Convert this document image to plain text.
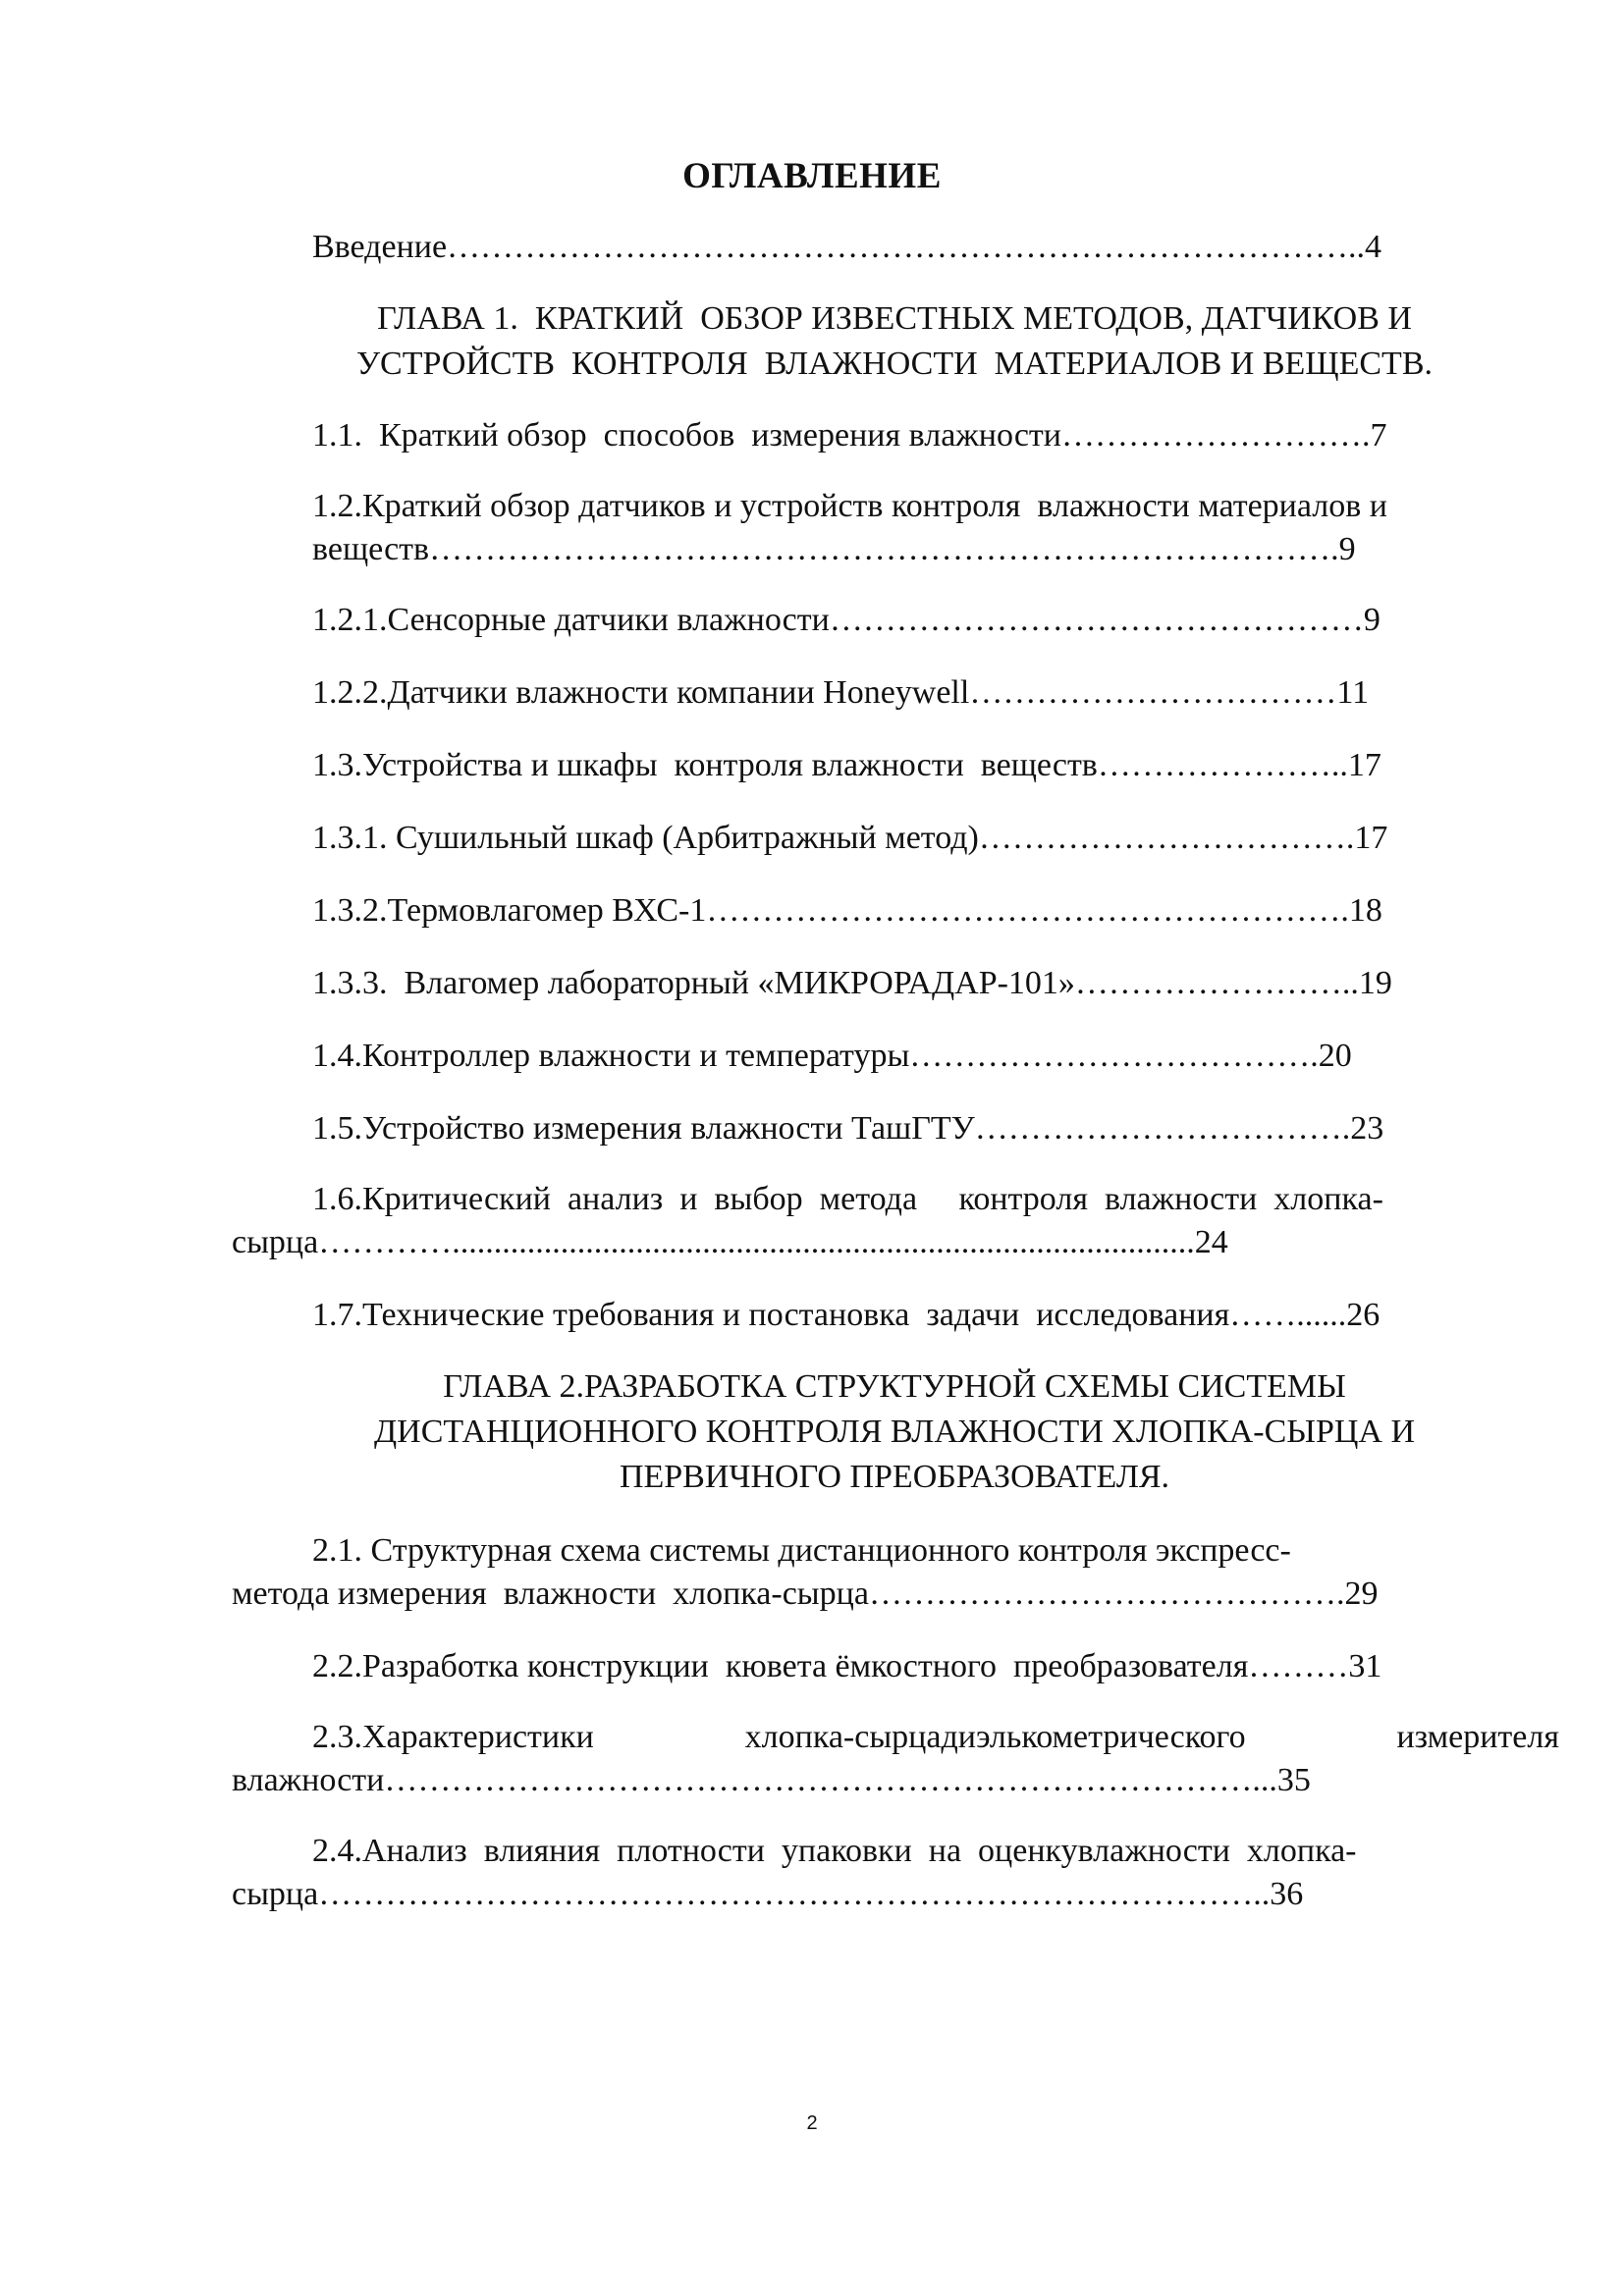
ОГЛАВЛЕНИЕ
Введение………………………………………………………………………..4
ГЛАВА 1.  КРАТКИЙ  ОБЗОР ИЗВЕСТНЫХ МЕТОДОВ, ДАТЧИКОВ И
УСТРОЙСТВ  КОНТРОЛЯ  ВЛАЖНОСТИ  МАТЕРИАЛОВ И ВЕЩЕСТВ.
1.1.  Краткий обзор  способов  измерения влажности……………………….7
1.2.Краткий обзор датчиков и устройств контроля  влажности материалов и
веществ……………………………………………………………………….9
1.2.1.Сенсорные датчики влажности…………………………………………9
1.2.2.Датчики влажности компании Honeywell……………………………11
1.3.Устройства и шкафы  контроля влажности  веществ…………………..17
1.3.1. Сушильный шкаф (Арбитражный метод)…………………………….17
1.3.2.Термовлагомер ВХС-1………………………………………………….18
1.3.3.  Влагомер лабораторный «МИКРОРАДАР-101»……………………..19
1.4.Контроллер влажности и температуры……………………………….20
1.5.Устройство измерения влажности ТашГТУ…………………………….23
1.6.Критический  анализ  и  выбор  метода     контроля  влажности  хлопка-
сырца………….........................................................................................24
1.7.Технические требования и постановка  задачи  исследования……......26
ГЛАВА 2.РАЗРАБОТКА СТРУКТУРНОЙ СХЕМЫ СИСТЕМЫ
ДИСТАНЦИОННОГО КОНТРОЛЯ ВЛАЖНОСТИ ХЛОПКА-СЫРЦА И
ПЕРВИЧНОГО ПРЕОБРАЗОВАТЕЛЯ.
2.1. Структурная схема системы дистанционного контроля экспресс-
метода измерения  влажности  хлопка-сырца…………………………………….29
2.2.Разработка конструкции  кювета ёмкостного  преобразователя………31
2.3.Характеристики	хлопка-сырцадиэлькометрического	измерителя
влажности……………………………………………………………………...35
2.4.Анализ  влияния  плотности  упаковки  на  оценкувлажности  хлопка-
сырца…………………………………………………………………………..36
2
